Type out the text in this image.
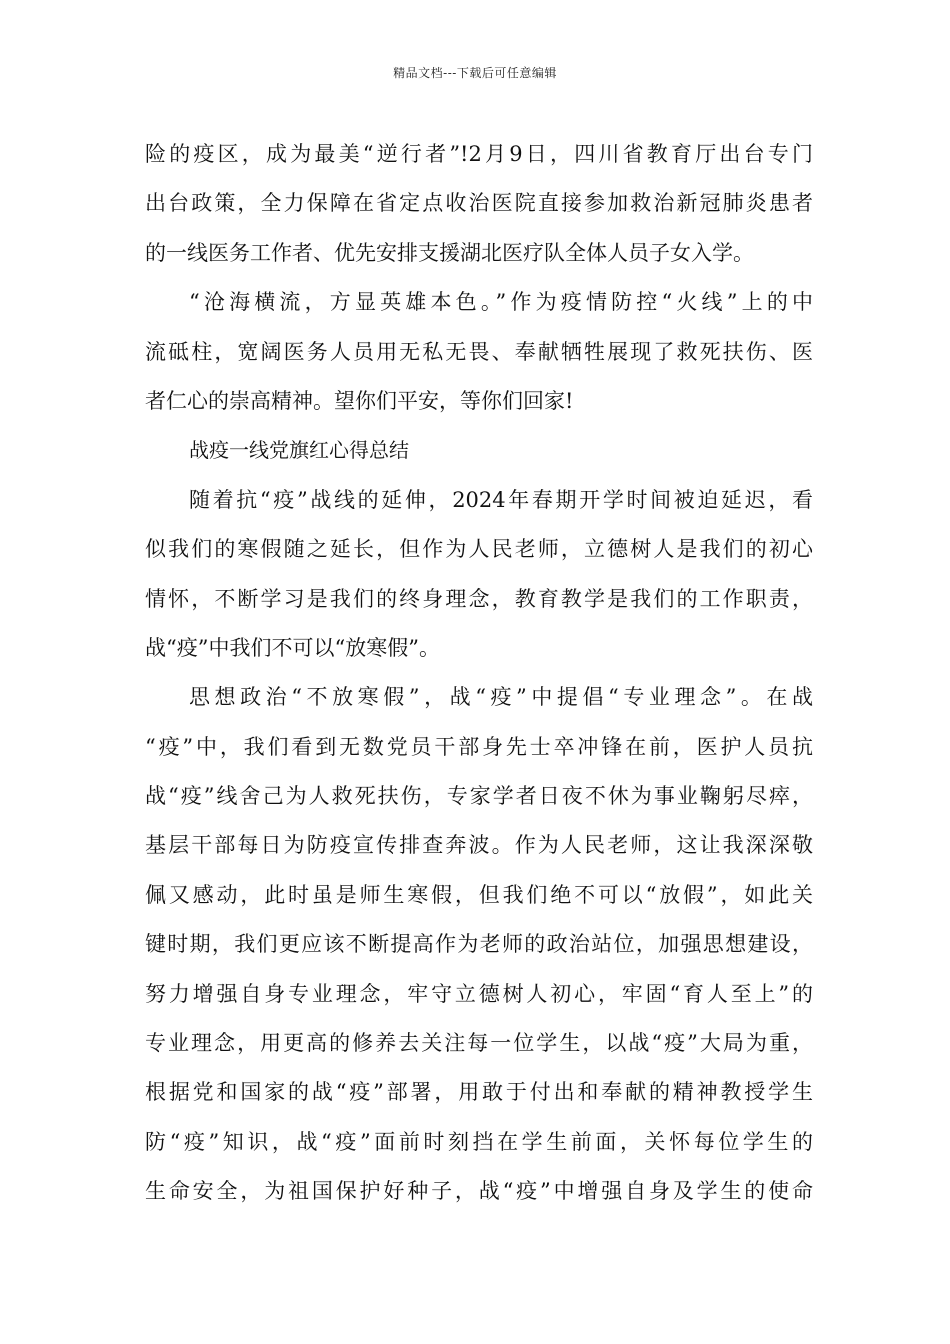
精品文档---下载后可任意编辑
险的疫区，成为最美“逆行者”!2月9日，四川省教育厅出台专门
出台政策，全力保障在省定点收治医院直接参加救治新冠肺炎患者
的一线医务工作者、优先安排支援湖北医疗队全体人员子女入学。
“沧海横流，方显英雄本色。”作为疫情防控“火线”上的中
流砥柱，宽阔医务人员用无私无畏、奉献牺牲展现了救死扶伤、医
者仁心的崇高精神。望你们平安，等你们回家!
战疫一线党旗红心得总结
随着抗“疫”战线的延伸，2024年春期开学时间被迫延迟，看
似我们的寒假随之延长，但作为人民老师，立德树人是我们的初心
情怀，不断学习是我们的终身理念，教育教学是我们的工作职责，
战“疫”中我们不可以“放寒假”。
思想政治“不放寒假”，战“疫”中提倡“专业理念”。在战
“疫”中，我们看到无数党员干部身先士卒冲锋在前，医护人员抗
战“疫”线舍己为人救死扶伤，专家学者日夜不休为事业鞠躬尽瘁，
基层干部每日为防疫宣传排查奔波。作为人民老师，这让我深深敬
佩又感动，此时虽是师生寒假，但我们绝不可以“放假”，如此关
键时期，我们更应该不断提高作为老师的政治站位，加强思想建设，
努力增强自身专业理念，牢守立德树人初心，牢固“育人至上”的
专业理念，用更高的修养去关注每一位学生，以战“疫”大局为重，
根据党和国家的战“疫”部署，用敢于付出和奉献的精神教授学生
防“疫”知识，战“疫”面前时刻挡在学生前面，关怀每位学生的
生命安全，为祖国保护好种子，战“疫”中增强自身及学生的使命
